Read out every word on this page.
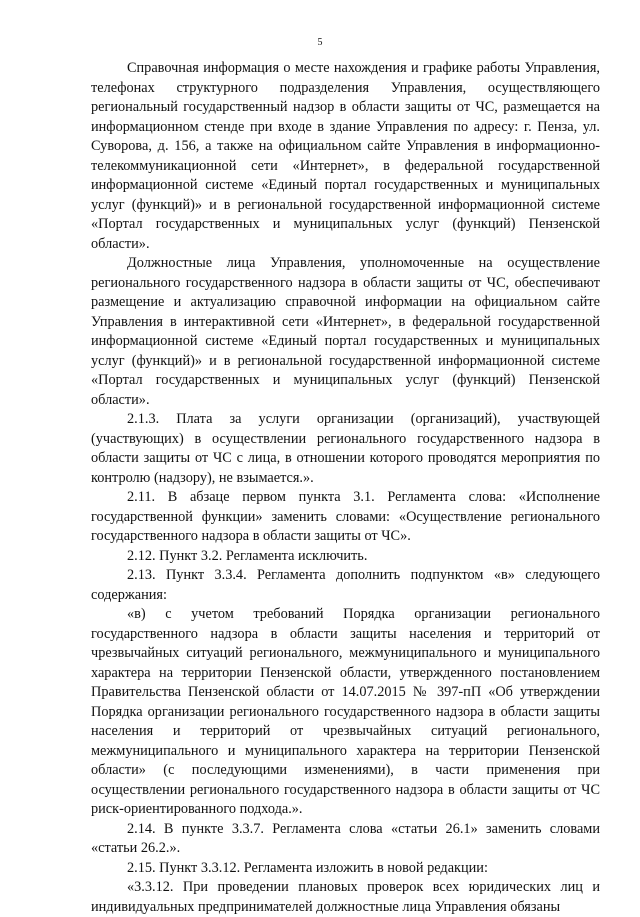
5

Справочная информация о месте нахождения и графике работы Управления, телефонах структурного подразделения Управления, осуществляющего региональный государственный надзор в области защиты от ЧС, размещается на информационном стенде при входе в здание Управления по адресу: г. Пенза, ул. Суворова, д. 156, а также на официальном сайте Управления в информационно-телекоммуникационной сети «Интернет», в федеральной государственной информационной системе «Единый портал государственных и муниципальных услуг (функций)» и в региональной государственной информационной системе «Портал государственных и муниципальных услуг (функций) Пензенской области».

Должностные лица Управления, уполномоченные на осуществление регионального государственного надзора в области защиты от ЧС, обеспечивают размещение и актуализацию справочной информации на официальном сайте Управления в интерактивной сети «Интернет», в федеральной государственной информационной системе «Единый портал государственных и муниципальных услуг (функций)» и в региональной государственной информационной системе «Портал государственных и муниципальных услуг (функций) Пензенской области».

2.1.3. Плата за услуги организации (организаций), участвующей (участвующих) в осуществлении регионального государственного надзора в области защиты от ЧС с лица, в отношении которого проводятся мероприятия по контролю (надзору), не взымается.».

2.11. В абзаце первом пункта 3.1. Регламента слова: «Исполнение государственной функции» заменить словами: «Осуществление регионального государственного надзора в области защиты от ЧС».

2.12. Пункт 3.2. Регламента исключить.

2.13. Пункт 3.3.4. Регламента дополнить подпунктом «в» следующего содержания:

«в) с учетом требований Порядка организации регионального государственного надзора в области защиты населения и территорий от чрезвычайных ситуаций регионального, межмуниципального и муниципального характера на территории Пензенской области, утвержденного постановлением Правительства Пензенской области от 14.07.2015 № 397-пП «Об утверждении Порядка организации регионального государственного надзора в области защиты населения и территорий от чрезвычайных ситуаций регионального, межмуниципального и муниципального характера на территории Пензенской области» (с последующими изменениями), в части применения при осуществлении регионального государственного надзора в области защиты от ЧС риск-ориентированного подхода.».

2.14. В пункте 3.3.7. Регламента слова «статьи 26.1» заменить словами «статьи 26.2.».

2.15. Пункт 3.3.12. Регламента изложить в новой редакции:

«3.3.12. При проведении плановых проверок всех юридических лиц и индивидуальных предпринимателей должностные лица Управления обязаны
